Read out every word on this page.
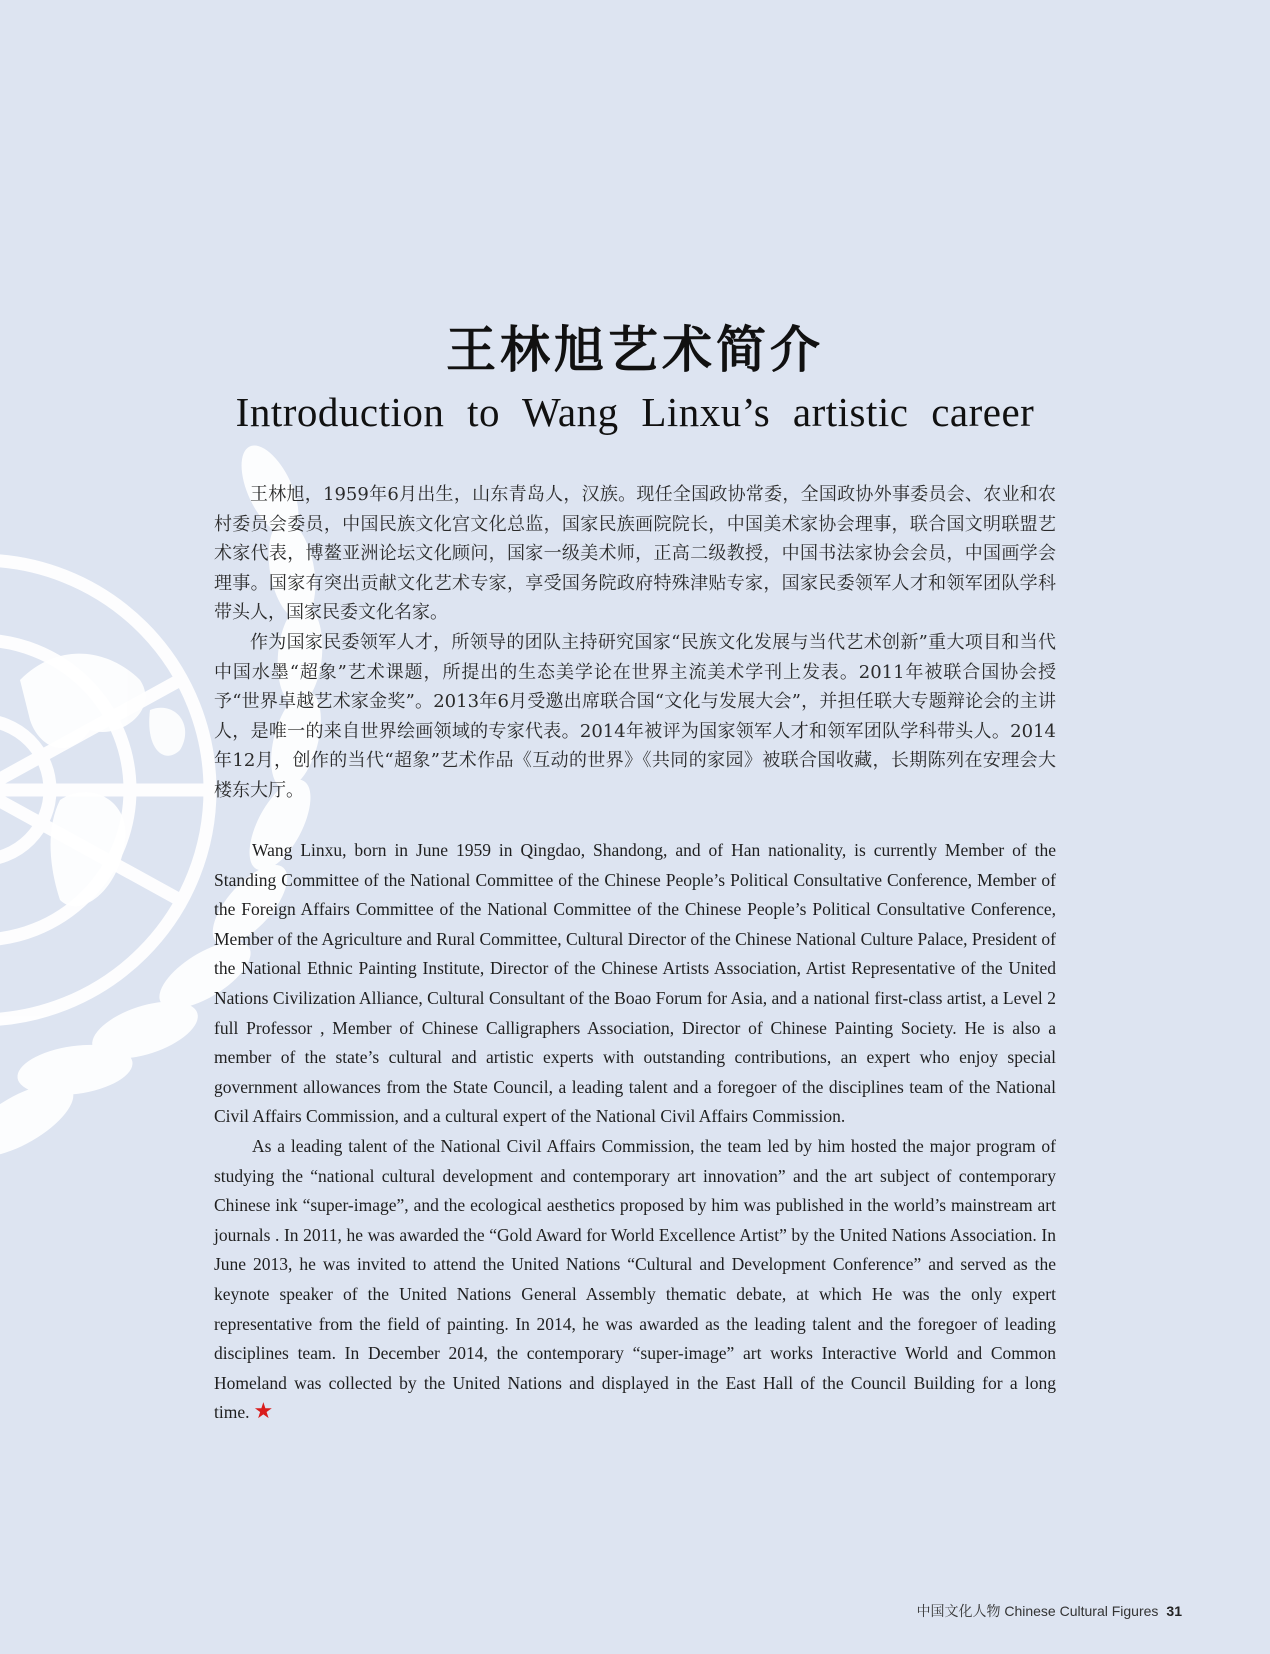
王林旭艺术简介
Introduction to Wang Linxu’s artistic career

王林旭，1959年6月出生，山东青岛人，汉族。现任全国政协常委，全国政协外事委员会、农业和农村委员会委员，中国民族文化宫文化总监，国家民族画院院长，中国美术家协会理事，联合国文明联盟艺术家代表，博鳌亚洲论坛文化顾问，国家一级美术师，正高二级教授，中国书法家协会会员，中国画学会理事。国家有突出贡献文化艺术专家，享受国务院政府特殊津贴专家，国家民委领军人才和领军团队学科带头人，国家民委文化名家。

作为国家民委领军人才，所领导的团队主持研究国家“民族文化发展与当代艺术创新”重大项目和当代中国水墨“超象”艺术课题，所提出的生态美学论在世界主流美术学刊上发表。2011年被联合国协会授予“世界卓越艺术家金奖”。2013年6月受邀出席联合国“文化与发展大会”，并担任联大专题辩论会的主讲人，是唯一的来自世界绘画领域的专家代表。2014年被评为国家领军人才和领军团队学科带头人。2014年12月，创作的当代“超象”艺术作品《互动的世界》《共同的家园》被联合国收藏，长期陈列在安理会大楼东大厅。

Wang Linxu, born in June 1959 in Qingdao, Shandong, and of Han nationality, is currently Member of the Standing Committee of the National Committee of the Chinese People’s Political Consultative Conference, Member of the Foreign Affairs Committee of the National Committee of the Chinese People’s Political Consultative Conference, Member of the Agriculture and Rural Committee, Cultural Director of the Chinese National Culture Palace, President of the National Ethnic Painting Institute, Director of the Chinese Artists Association, Artist Representative of the United Nations Civilization Alliance, Cultural Consultant of the Boao Forum for Asia, and a national first-class artist, a Level 2 full Professor , Member of Chinese Calligraphers Association, Director of Chinese Painting Society. He is also a member of the state’s cultural and artistic experts with outstanding contributions, an expert who enjoy special government allowances from the State Council, a leading talent and a foregoer of the disciplines team of the National Civil Affairs Commission, and a cultural expert of the National Civil Affairs Commission.

As a leading talent of the National Civil Affairs Commission, the team led by him hosted the major program of studying the “national cultural development and contemporary art innovation” and the art subject of contemporary Chinese ink “super-image”, and the ecological aesthetics proposed by him was published in the world’s mainstream art journals . In 2011, he was awarded the “Gold Award for World Excellence Artist” by the United Nations Association. In June 2013, he was invited to attend the United Nations “Cultural and Development Conference” and served as the keynote speaker of the United Nations General Assembly thematic debate, at which He was the only expert representative from the field of painting. In 2014, he was awarded as the leading talent and the foregoer of leading disciplines team. In December 2014, the contemporary “super-image” art works Interactive World and Common Homeland was collected by the United Nations and displayed in the East Hall of the Council Building for a long time. ★

中国文化人物 Chinese Cultural Figures 31
